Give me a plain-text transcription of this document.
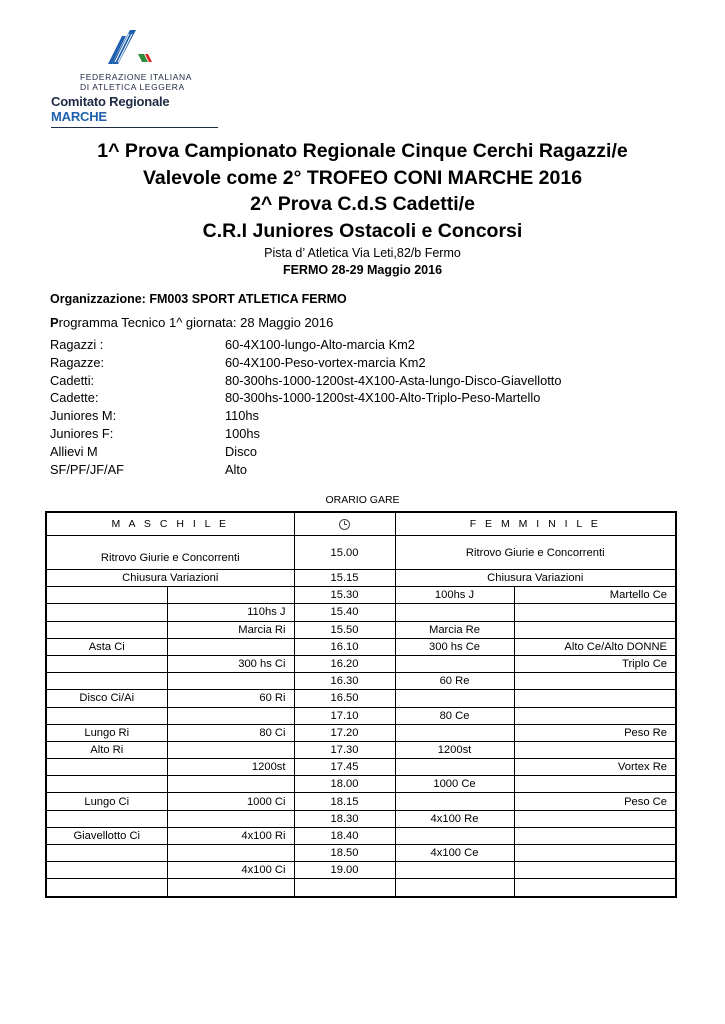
FEDERAZIONE ITALIANA
DI ATLETICA LEGGERA
Comitato Regionale MARCHE
1^ Prova Campionato Regionale Cinque Cerchi Ragazzi/e
Valevole come 2° TROFEO CONI MARCHE 2016
2^ Prova C.d.S Cadetti/e
C.R.I Juniores Ostacoli e Concorsi
Pista d’ Atletica Via Leti,82/b Fermo
FERMO 28-29 Maggio 2016
Organizzazione: FM003 SPORT ATLETICA FERMO
Programma Tecnico 1^ giornata: 28 Maggio 2016
Ragazzi :	60-4X100-lungo-Alto-marcia Km2
Ragazze:	60-4X100-Peso-vortex-marcia Km2
Cadetti:	80-300hs-1000-1200st-4X100-Asta-lungo-Disco-Giavellotto
Cadette:	80-300hs-1000-1200st-4X100-Alto-Triplo-Peso-Martello
Juniores M:	110hs
Juniores F:	100hs
Allievi M	Disco
SF/PF/JF/AF	Alto
ORARIO GARE
M A S C H I L E			F E M M I N I L E	
Ritrovo Giurie e Concorrenti		15.00	Ritrovo Giurie e Concorrenti	
Chiusura Variazioni		15.15	Chiusura Variazioni	
		15.30	100hs J	Martello Ce
	110hs J	15.40		
	Marcia Ri	15.50	Marcia Re	
Asta Ci		16.10	300 hs Ce	Alto Ce/Alto DONNE
	300 hs Ci	16.20		Triplo Ce
		16.30	60 Re	
Disco Ci/Ai	60 Ri	16.50		
		17.10	80 Ce	
Lungo Ri	80 Ci	17.20		Peso Re
Alto Ri		17.30	1200st	
	1200st	17.45		Vortex Re
		18.00	1000 Ce	
Lungo Ci	1000 Ci	18.15		Peso Ce
		18.30	4x100 Re	
Giavellotto Ci	4x100 Ri	18.40		
		18.50	4x100 Ce	
	4x100 Ci	19.00		
